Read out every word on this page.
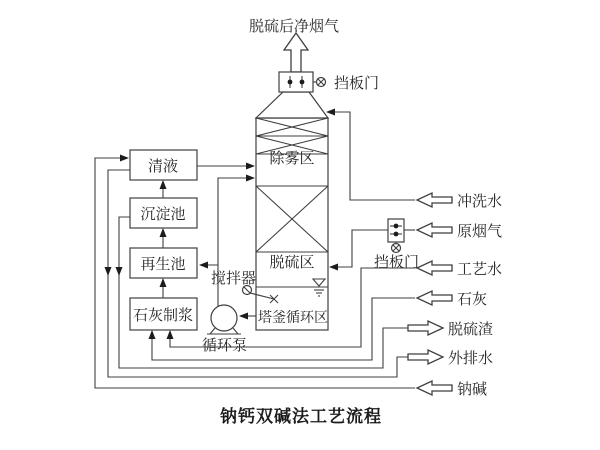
除雾区
脱硫区
塔釜循环区
挡板门
脱硫后净烟气
清液
沉淀池
再生池
石灰制浆
循环泵
搅拌器
挡板门
冲洗水
原烟气
工艺水
石灰
钠碱
脱硫渣
外排水
钠钙双碱法工艺流程
